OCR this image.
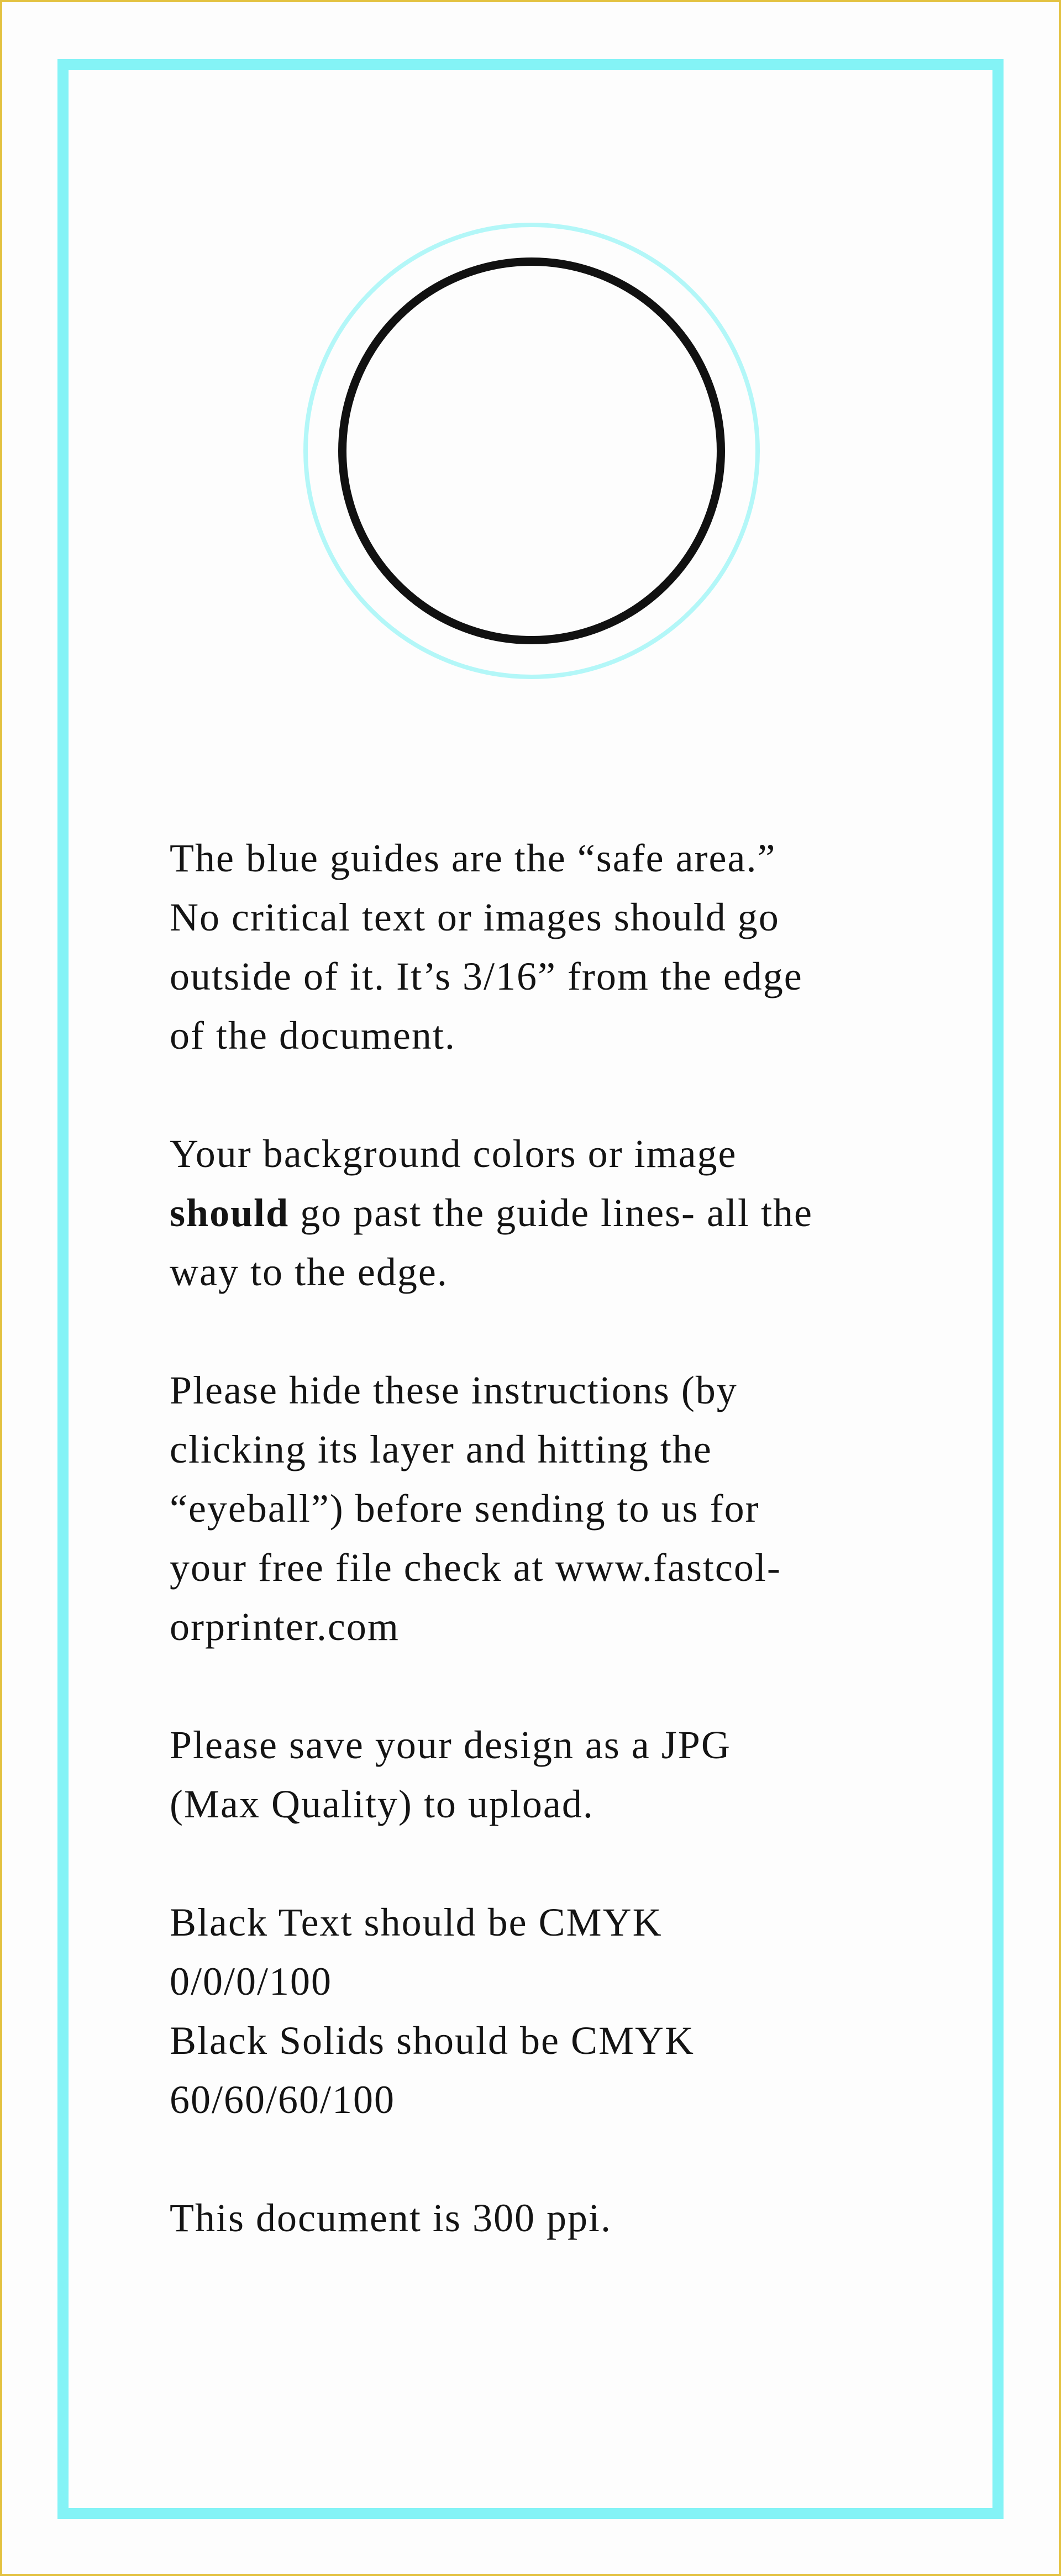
The blue guides are the “safe area.”
No critical text or images should go
outside of it. It’s 3/16” from the edge
of the document.

Your background colors or image
should go past the guide lines- all the
way to the edge.

Please hide these instructions (by
clicking its layer and hitting the
“eyeball”) before sending to us for
your free file check at www.fastcol-
orprinter.com

Please save your design as a JPG
(Max Quality) to upload.

Black Text should be CMYK
0/0/0/100
Black Solids should be CMYK
60/60/60/100

This document is 300 ppi.
